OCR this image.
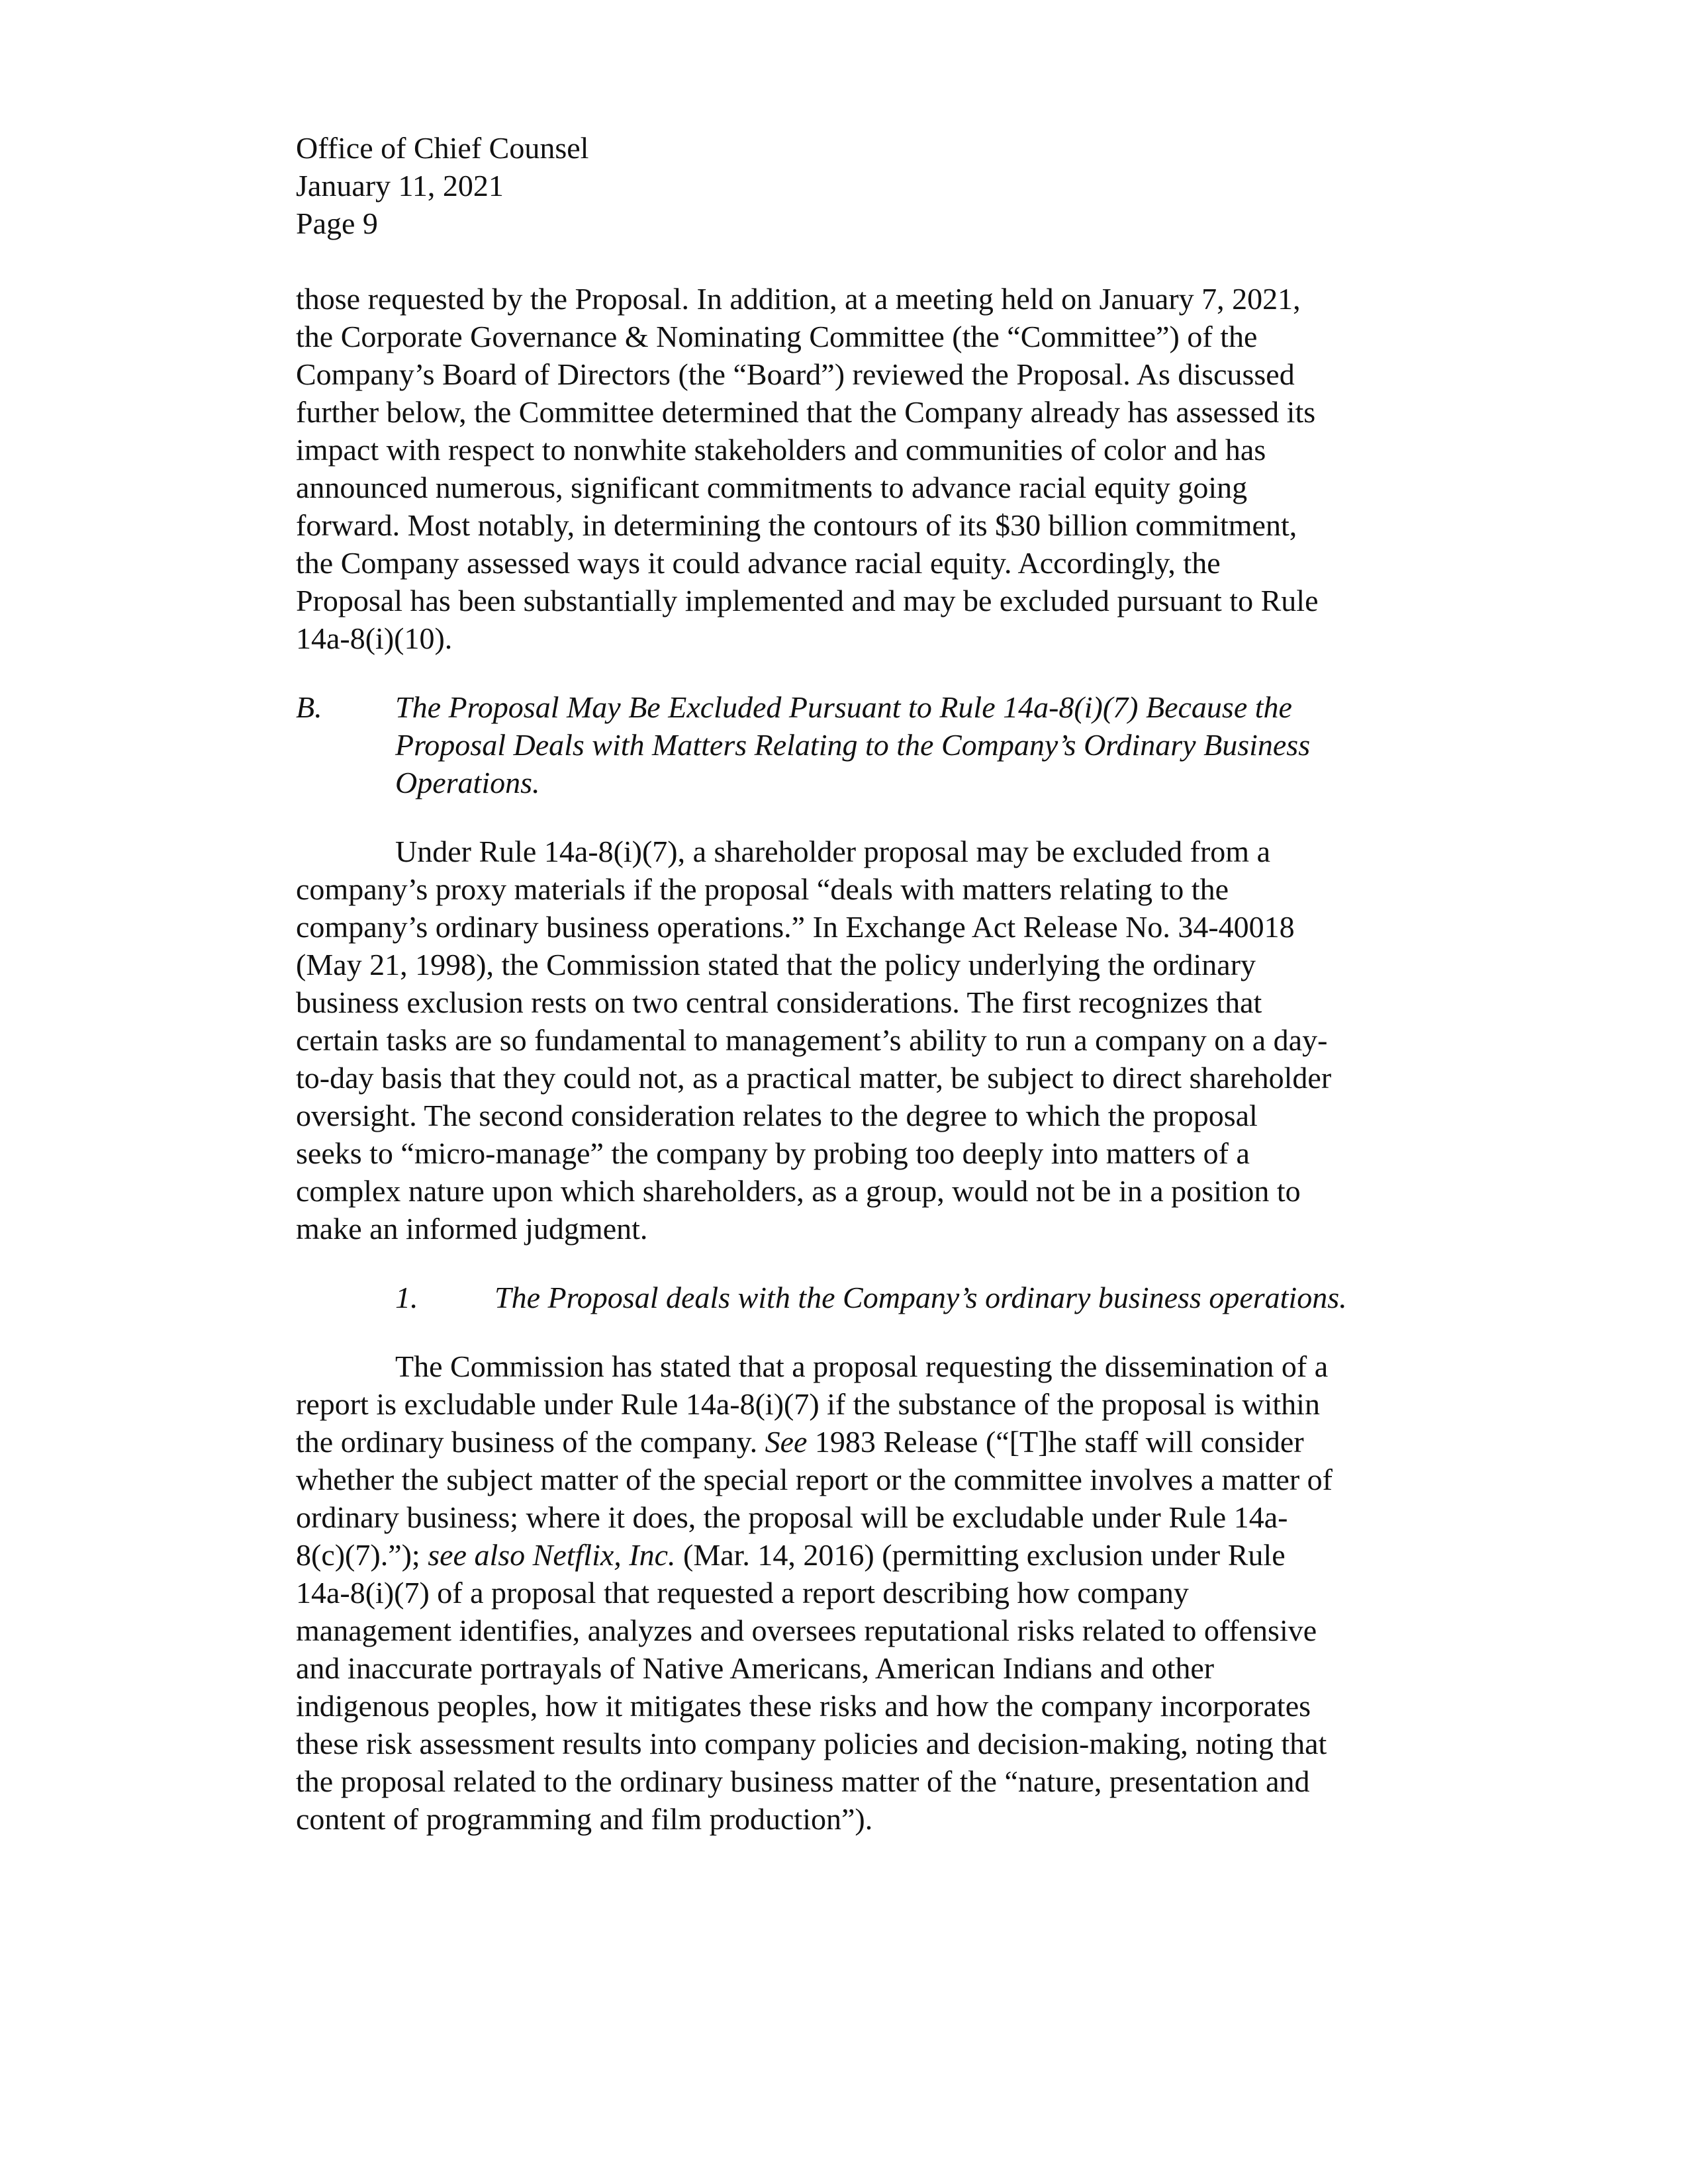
Office of Chief Counsel
January 11, 2021
Page 9
those requested by the Proposal. In addition, at a meeting held on January 7, 2021,
the Corporate Governance & Nominating Committee (the “Committee”) of the
Company’s Board of Directors (the “Board”) reviewed the Proposal. As discussed
further below, the Committee determined that the Company already has assessed its
impact with respect to nonwhite stakeholders and communities of color and has
announced numerous, significant commitments to advance racial equity going
forward. Most notably, in determining the contours of its $30 billion commitment,
the Company assessed ways it could advance racial equity. Accordingly, the
Proposal has been substantially implemented and may be excluded pursuant to Rule
14a-8(i)(10).
B. The Proposal May Be Excluded Pursuant to Rule 14a-8(i)(7) Because the
Proposal Deals with Matters Relating to the Company’s Ordinary Business
Operations.
Under Rule 14a-8(i)(7), a shareholder proposal may be excluded from a
company’s proxy materials if the proposal “deals with matters relating to the
company’s ordinary business operations.” In Exchange Act Release No. 34-40018
(May 21, 1998), the Commission stated that the policy underlying the ordinary
business exclusion rests on two central considerations. The first recognizes that
certain tasks are so fundamental to management’s ability to run a company on a day-
to-day basis that they could not, as a practical matter, be subject to direct shareholder
oversight. The second consideration relates to the degree to which the proposal
seeks to “micro-manage” the company by probing too deeply into matters of a
complex nature upon which shareholders, as a group, would not be in a position to
make an informed judgment.
1.	The Proposal deals with the Company’s ordinary business operations.
The Commission has stated that a proposal requesting the dissemination of a
report is excludable under Rule 14a-8(i)(7) if the substance of the proposal is within
the ordinary business of the company. See 1983 Release (“[T]he staff will consider
whether the subject matter of the special report or the committee involves a matter of
ordinary business; where it does, the proposal will be excludable under Rule 14a-
8(c)(7).”); see also Netflix, Inc. (Mar. 14, 2016) (permitting exclusion under Rule
14a-8(i)(7) of a proposal that requested a report describing how company
management identifies, analyzes and oversees reputational risks related to offensive
and inaccurate portrayals of Native Americans, American Indians and other
indigenous peoples, how it mitigates these risks and how the company incorporates
these risk assessment results into company policies and decision-making, noting that
the proposal related to the ordinary business matter of the “nature, presentation and
content of programming and film production”).
